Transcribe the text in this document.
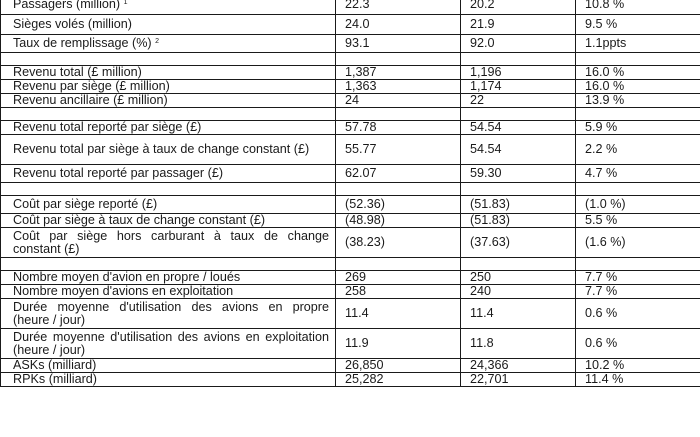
Passagers (million) $^1$	22.3	20.2	10.8 %
Sièges volés (million)	24.0	21.9	9.5 %
Taux de remplissage (%) $^2$	93.1	92.0	1.1ppts

Revenu total (£ million)	1,387	1,196	16.0 %
Revenu par siège (£ million)	1,363	1,174	16.0 %
Revenu ancillaire (£ million)	24	22	13.9 %

Revenu total reporté par siège (£)	57.78	54.54	5.9 %
Revenu total par siège à taux de change constant (£)	55.77	54.54	2.2 %
Revenu total reporté par passager (£)	62.07	59.30	4.7 %

Coût par siège reporté (£)	(52.36)	(51.83)	(1.0 %)
Coût par siège à taux de change constant (£)	(48.98)	(51.83)	5.5 %
Coût par siège hors carburant à taux de change constant (£)	(38.23)	(37.63)	(1.6 %)

Nombre moyen d'avion en propre / loués	269	250	7.7 %
Nombre moyen d'avions en exploitation	258	240	7.7 %
Durée moyenne d'utilisation des avions en propre (heure / jour)	11.4	11.4	0.6 %
Durée moyenne d'utilisation des avions en exploitation (heure / jour)	11.9	11.8	0.6 %
ASKs (milliard)	26,850	24,366	10.2 %
RPKs (milliard)	25,282	22,701	11.4 %
